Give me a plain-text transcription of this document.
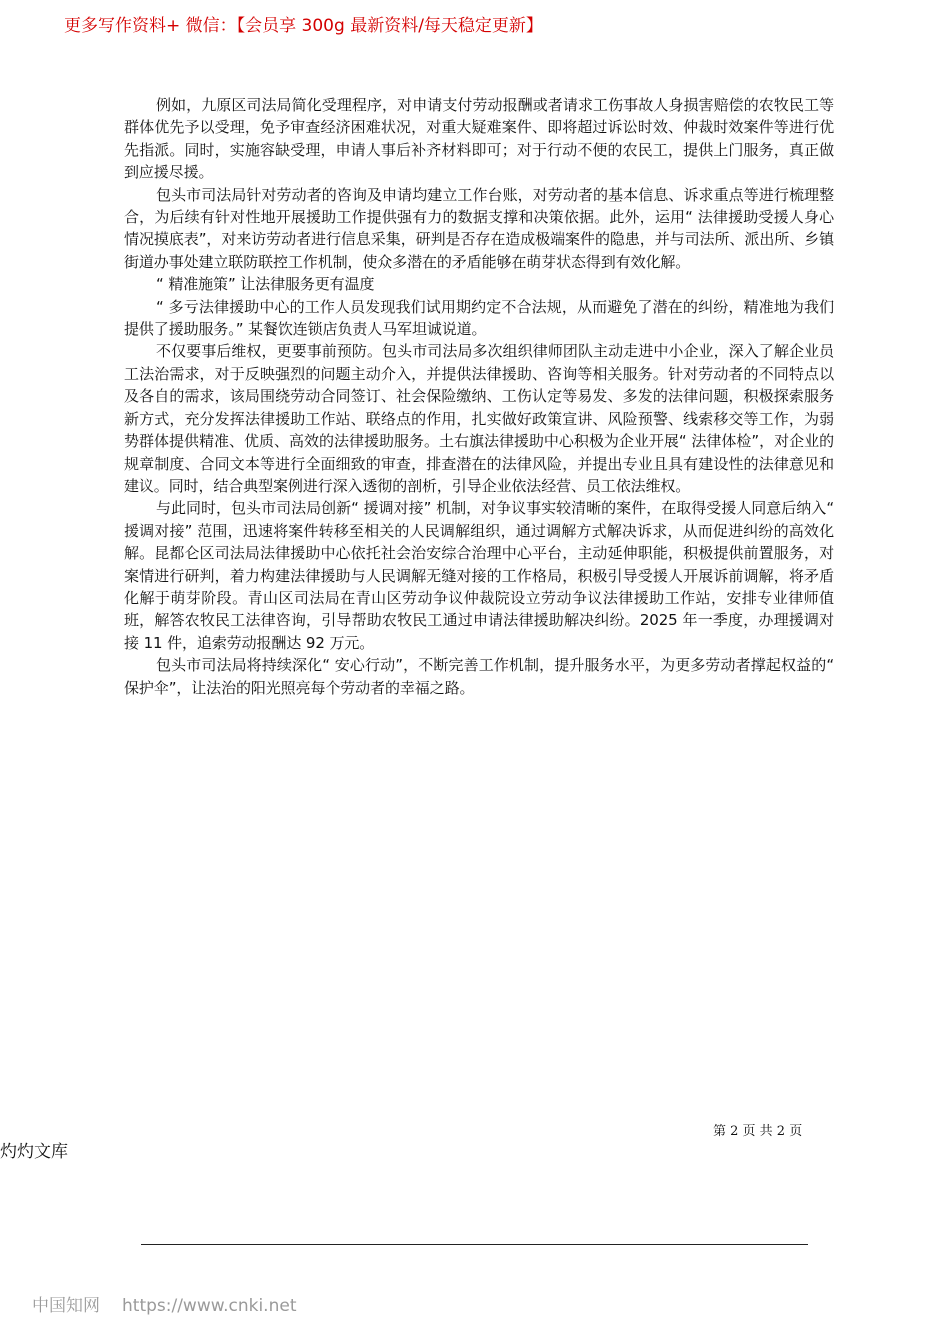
更多写作资料+ 微信：【会员享 300g 最新资料/每天稳定更新】

例如，九原区司法局简化受理程序，对申请支付劳动报酬或者请求工伤事故人身损害赔偿的农牧民工等群体优先予以受理，免予审查经济困难状况，对重大疑难案件、即将超过诉讼时效、仲裁时效案件等进行优先指派。同时，实施容缺受理，申请人事后补齐材料即可；对于行动不便的农民工，提供上门服务，真正做到应援尽援。

包头市司法局针对劳动者的咨询及申请均建立工作台账，对劳动者的基本信息、诉求重点等进行梳理整合，为后续有针对性地开展援助工作提供强有力的数据支撑和决策依据。此外，运用“ 法律援助受援人身心情况摸底表”，对来访劳动者进行信息采集，研判是否存在造成极端案件的隐患，并与司法所、派出所、乡镇街道办事处建立联防联控工作机制，使众多潜在的矛盾能够在萌芽状态得到有效化解。

“ 精准施策” 让法律服务更有温度

“ 多亏法律援助中心的工作人员发现我们试用期约定不合法规，从而避免了潜在的纠纷，精准地为我们提供了援助服务。” 某餐饮连锁店负责人马军坦诚说道。

不仅要事后维权，更要事前预防。包头市司法局多次组织律师团队主动走进中小企业，深入了解企业员工法治需求，对于反映强烈的问题主动介入，并提供法律援助、咨询等相关服务。针对劳动者的不同特点以及各自的需求，该局围绕劳动合同签订、社会保险缴纳、工伤认定等易发、多发的法律问题，积极探索服务新方式，充分发挥法律援助工作站、联络点的作用，扎实做好政策宣讲、风险预警、线索移交等工作，为弱势群体提供精准、优质、高效的法律援助服务。土右旗法律援助中心积极为企业开展“ 法律体检”，对企业的规章制度、合同文本等进行全面细致的审查，排查潜在的法律风险，并提出专业且具有建设性的法律意见和建议。同时，结合典型案例进行深入透彻的剖析，引导企业依法经营、员工依法维权。

与此同时，包头市司法局创新“ 援调对接” 机制，对争议事实较清晰的案件，在取得受援人同意后纳入“ 援调对接” 范围，迅速将案件转移至相关的人民调解组织，通过调解方式解决诉求，从而促进纠纷的高效化解。昆都仑区司法局法律援助中心依托社会治安综合治理中心平台，主动延伸职能，积极提供前置服务，对案情进行研判，着力构建法律援助与人民调解无缝对接的工作格局，积极引导受援人开展诉前调解，将矛盾化解于萌芽阶段。青山区司法局在青山区劳动争议仲裁院设立劳动争议法律援助工作站，安排专业律师值班，解答农牧民工法律咨询，引导帮助农牧民工通过申请法律援助解决纠纷。2025 年一季度，办理援调对接 11 件，追索劳动报酬达 92 万元。

包头市司法局将持续深化“ 安心行动”，不断完善工作机制，提升服务水平，为更多劳动者撑起权益的“ 保护伞”，让法治的阳光照亮每个劳动者的幸福之路。

第 2 页 共 2 页
灼灼文库
中国知网 https://www.cnki.net
